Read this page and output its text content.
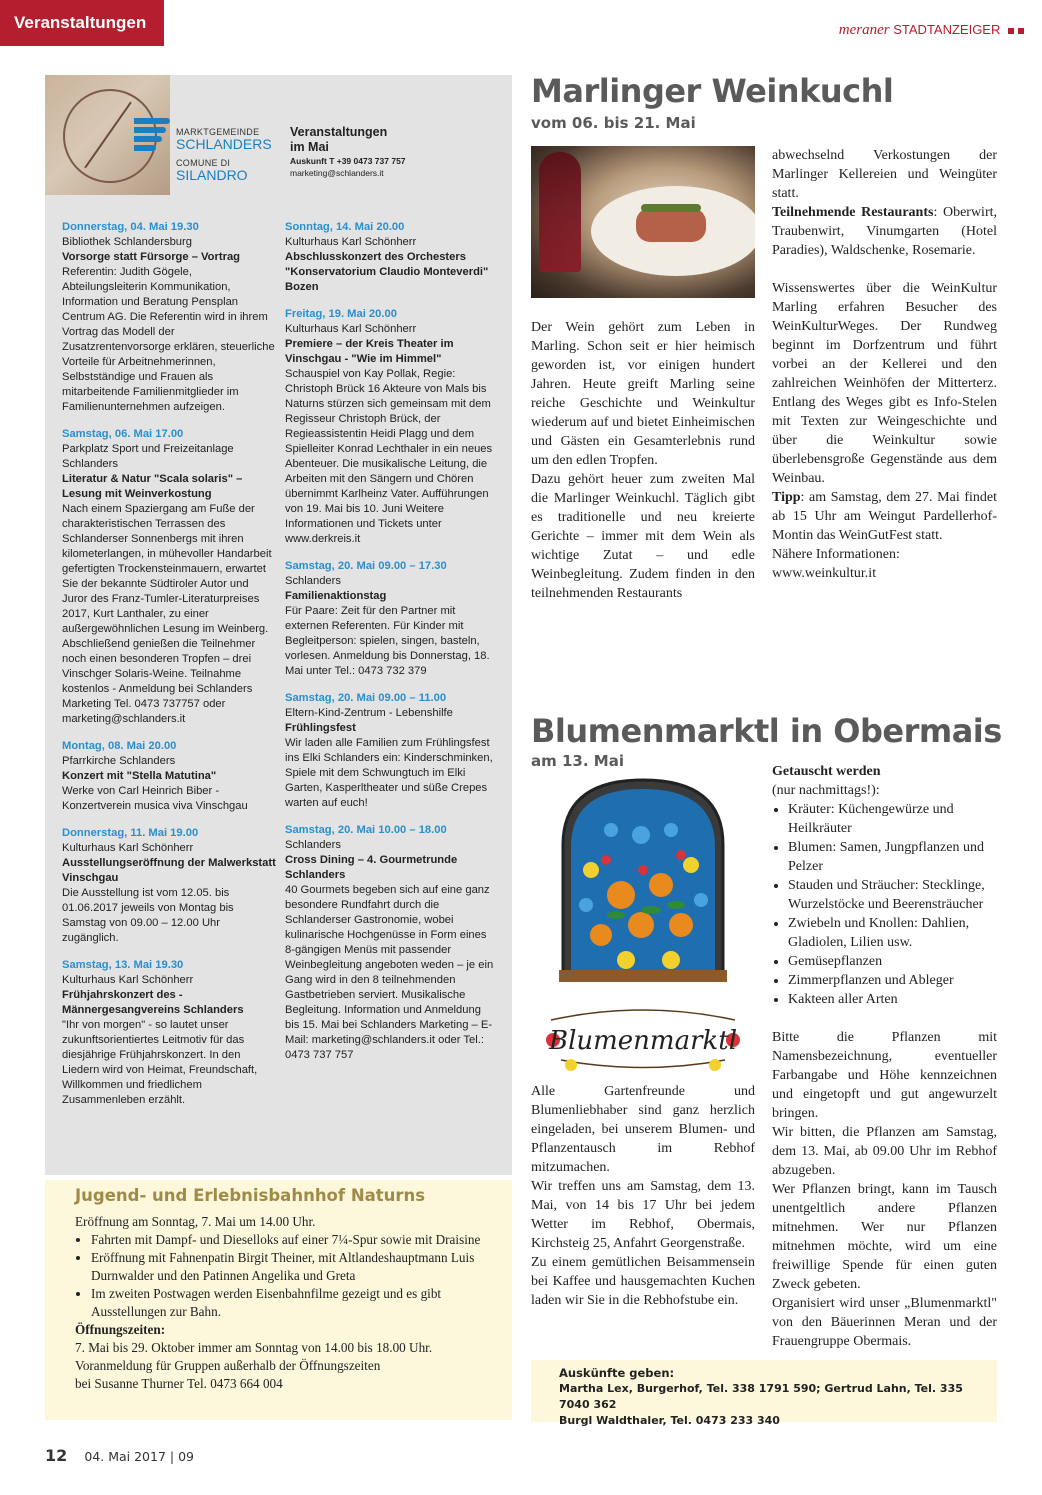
Veranstaltungen	meraner STADTANZEIGER
MARKTGEMEINDE
SCHLANDERS
COMUNE DI
SILANDRO
Veranstaltungen
im Mai
Auskunft T +39 0473 737 757
marketing@schlanders.it
Donnerstag, 04. Mai 19.30
Bibliothek Schlandersburg
Vorsorge statt Fürsorge – Vortrag
Referentin: Judith Gögele, Abteilungsleiterin Kommunikation, Information und Beratung Pensplan Centrum AG. Die Referentin wird in ihrem Vortrag das Modell der Zusatzrentenvorsorge erklären, steuerliche Vorteile für Arbeitnehmerinnen, Selbstständige und Frauen als mitarbeitende Familienmitglieder im Familienunternehmen aufzeigen.
Samstag, 06. Mai 17.00
Parkplatz Sport und Freizeitanlage Schlanders
Literatur & Natur "Scala solaris" – Lesung mit Weinverkostung
Nach einem Spaziergang am Fuße der charakteristischen Terrassen des Schlanderser Sonnenbergs mit ihren kilometerlangen, in mühevoller Handarbeit gefertigten Trockensteinmauern, erwartet Sie der bekannte Südtiroler Autor und Juror des Franz-Tumler-Literaturpreises 2017, Kurt Lanthaler, zu einer außergewöhnlichen Lesung im Weinberg. Abschließend genießen die Teilnehmer noch einen besonderen Tropfen – drei Vinschger Solaris-Weine. Teilnahme kostenlos - Anmeldung bei Schlanders Marketing Tel. 0473 737757 oder marketing@schlanders.it
Montag, 08. Mai 20.00
Pfarrkirche Schlanders
Konzert mit "Stella Matutina"
Werke von Carl Heinrich Biber - Konzertverein musica viva Vinschgau
Donnerstag, 11. Mai 19.00
Kulturhaus Karl Schönherr
Ausstellungseröffnung der Malwerkstatt Vinschgau
Die Ausstellung ist vom 12.05. bis 01.06.2017 jeweils von Montag bis Samstag von 09.00 – 12.00 Uhr zugänglich.
Samstag, 13. Mai 19.30
Kulturhaus Karl Schönherr
Frühjahrskonzert des - Männergesangvereins Schlanders
"Ihr von morgen" - so lautet unser zukunftsorientiertes Leitmotiv für das diesjährige Frühjahrskonzert. In den Liedern wird von Heimat, Freundschaft, Willkommen und friedlichem Zusammenleben erzählt.
Sonntag, 14. Mai 20.00
Kulturhaus Karl Schönherr
Abschlusskonzert des Orchesters "Konservatorium Claudio Monteverdi" Bozen
Freitag, 19. Mai 20.00
Kulturhaus Karl Schönherr
Premiere – der Kreis Theater im Vinschgau - "Wie im Himmel"
Schauspiel von Kay Pollak, Regie: Christoph Brück 16 Akteure von Mals bis Naturns stürzen sich gemeinsam mit dem Regisseur Christoph Brück, der Regieassistentin Heidi Plagg und dem Spielleiter Konrad Lechthaler in ein neues Abenteuer. Die musikalische Leitung, die Arbeiten mit den Sängern und Chören übernimmt Karlheinz Vater. Aufführungen von 19. Mai bis 10. Juni Weitere Informationen und Tickets unter www.derkreis.it
Samstag, 20. Mai 09.00 – 17.30
Schlanders
Familienaktionstag
Für Paare: Zeit für den Partner mit externen Referenten. Für Kinder mit Begleitperson: spielen, singen, basteln, vorlesen. Anmeldung bis Donnerstag, 18. Mai unter Tel.: 0473 732 379
Samstag, 20. Mai 09.00 – 11.00
Eltern-Kind-Zentrum - Lebenshilfe
Frühlingsfest
Wir laden alle Familien zum Frühlingsfest ins Elki Schlanders ein: Kinderschminken, Spiele mit dem Schwungtuch im Elki Garten, Kasperltheater und süße Crepes warten auf euch!
Samstag, 20. Mai 10.00 – 18.00
Schlanders
Cross Dining – 4. Gourmetrunde Schlanders
40 Gourmets begeben sich auf eine ganz besondere Rundfahrt durch die Schlanderser Gastronomie, wobei kulinarische Hochgenüsse in Form eines 8-gängigen Menüs mit passender Weinbegleitung angeboten weden – je ein Gang wird in den 8 teilnehmenden Gastbetrieben serviert. Musikalische Begleitung. Information und Anmeldung bis 15. Mai bei Schlanders Marketing – E-Mail: marketing@schlanders.it oder Tel.: 0473 737 757
Jugend- und Erlebnisbahnhof Naturns
Eröffnung am Sonntag, 7. Mai um 14.00 Uhr.
• Fahrten mit Dampf- und Dieselloks auf einer 7¼-Spur sowie mit Draisine
• Eröffnung mit Fahnenpatin Birgit Theiner, mit Altlandeshauptmann Luis Durnwalder und den Patinnen Angelika und Greta
• Im zweiten Postwagen werden Eisenbahnfilme gezeigt und es gibt Ausstellungen zur Bahn.
Öffnungszeiten:
7. Mai bis 29. Oktober immer am Sonntag von 14.00 bis 18.00 Uhr.
Voranmeldung für Gruppen außerhalb der Öffnungszeiten
bei Susanne Thurner Tel. 0473 664 004
Marlinger Weinkuchl
vom 06. bis 21. Mai

Der Wein gehört zum Leben in Marling. Schon seit er hier heimisch geworden ist, vor einigen hundert Jahren. Heute greift Marling seine reiche Geschichte und Weinkultur wiederum auf und bietet Einheimischen und Gästen ein Gesamterlebnis rund um den edlen Tropfen.

Dazu gehört heuer zum zweiten Mal die Marlinger Weinkuchl. Täglich gibt es traditionelle und neu kreierte Gerichte – immer mit dem Wein als wichtige Zutat – und edle Weinbegleitung. Zudem finden in den teilnehmenden Restaurants

abwechselnd Verkostungen der Marlinger Kellereien und Weingüter statt.

Teilnehmende Restaurants: Oberwirt, Traubenwirt, Vinumgarten (Hotel Paradies), Waldschenke, Rosemarie.

Wissenswertes über die WeinKultur Marling erfahren Besucher des WeinKulturWeges. Der Rundweg beginnt im Dorfzentrum und führt vorbei an der Kellerei und den zahlreichen Weinhöfen der Mitterterz. Entlang des Weges gibt es Info-Stelen mit Texten zur Weingeschichte und über die Weinkultur sowie überlebensgroße Gegenstände aus dem Weinbau.

Tipp: am Samstag, dem 27. Mai findet ab 15 Uhr am Weingut Pardellerhof-Montin das WeinGutFest statt.

Nähere Informationen:

www.weinkultur.it

Blumenmarktl in Obermais
am 13. Mai
Blumenmarktl

Alle Gartenfreunde und Blumenliebhaber sind ganz herzlich eingeladen, bei unserem Blumen- und Pflanzentausch im Rebhof mitzumachen.

Wir treffen uns am Samstag, dem 13. Mai, von 14 bis 17 Uhr bei jedem Wetter im Rebhof, Obermais, Kirchsteig 25, Anfahrt Georgenstraße.

Zu einem gemütlichen Beisammensein bei Kaffee und hausgemachten Kuchen laden wir Sie in die Rebhofstube ein.

Getauscht werden

(nur nachmittags!):

• Kräuter: Küchengewürze und Heilkräuter
• Blumen: Samen, Jungpflanzen und Pelzer
• Stauden und Sträucher: Stecklinge, Wurzelstöcke und Beerensträucher
• Zwiebeln und Knollen: Dahlien, Gladiolen, Lilien usw.
• Gemüsepflanzen
• Zimmerpflanzen und Ableger
• Kakteen aller Arten

Bitte die Pflanzen mit Namensbezeichnung, eventueller Farbangabe und Höhe kennzeichnen und eingetopft und gut angewurzelt bringen.

Wir bitten, die Pflanzen am Samstag, dem 13. Mai, ab 09.00 Uhr im Rebhof abzugeben.

Wer Pflanzen bringt, kann im Tausch unentgeltlich andere Pflanzen mitnehmen. Wer nur Pflanzen mitnehmen möchte, wird um eine freiwillige Spende für einen guten Zweck gebeten.

Organisiert wird unser „Blumenmarktl" von den Bäuerinnen Meran und der Frauengruppe Obermais.

Auskünfte geben:
Martha Lex, Burgerhof, Tel. 338 1791 590; Gertrud Lahn, Tel. 335 7040 362
Burgl Waldthaler, Tel. 0473 233 340
12 04. Mai 2017 | 09
